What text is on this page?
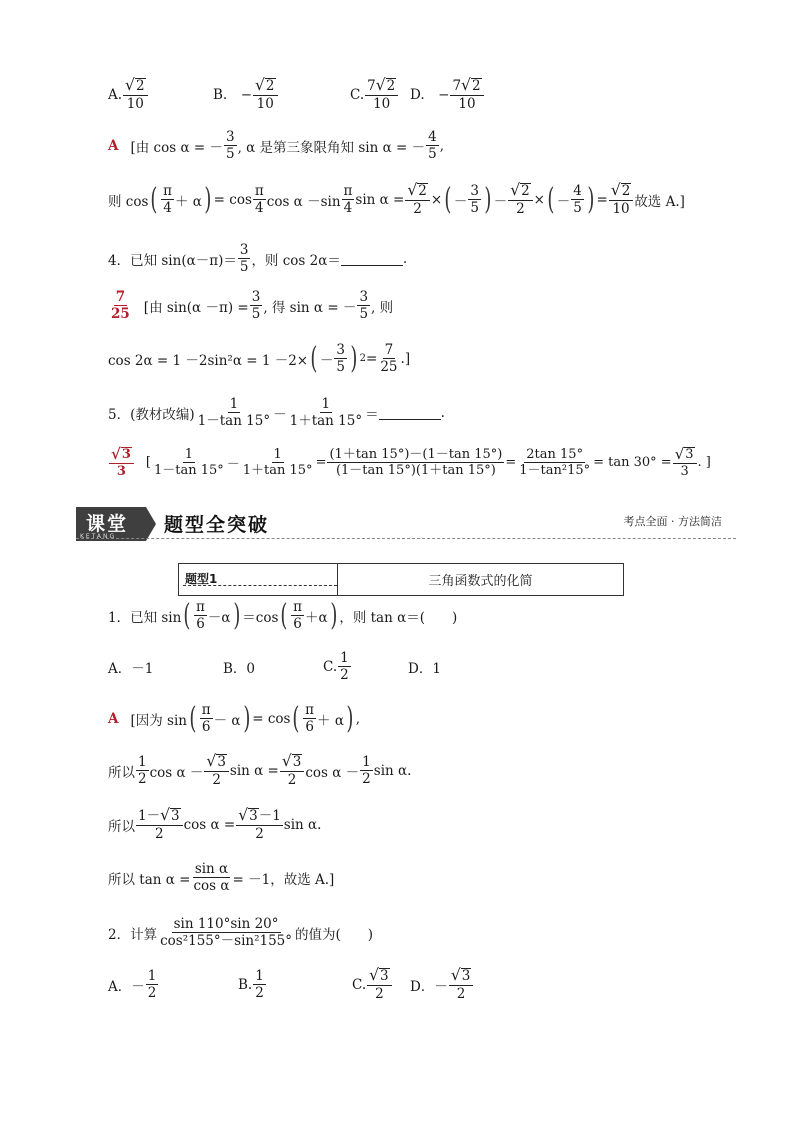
A.
√ 2
10
B. − $\frac{√ 2}{10}$	C.
7 √ 2
10
D. − $\frac{7 √ 2}{10}$
A [由 cos α = －
3
5 , α 是第三象限角知 sin α = －
4
5
,
则 cos ( π
4 ＋ α ) = cos
π
4 cos α －sin
π
4
$\sin \alpha = \frac{√ 2}{2}$ × ( －
3
5 ) － $\frac{√ 2}{2}$ × ( －
4
5 ) = $\frac{√ 2}{10}$ 故选 A.]
4．已知 sin(α－π)＝
3
5 ，则 cos 2α＝	.
7
25 [由 $\sin(\alpha -\pi) = \frac{3}{5}$ , 得 sin α = －
3
5 , 则
cos 2α = 1 －2sin²α = 1 －2× ( －
3
5 ) $2 = \frac{7}{25}$ .]
5．(教材改编)
1
1－tan 15° －
1
1＋tan 15° ＝	.
√ 3
3
[
1
1－tan $15^\circ - \frac{1}{1+\tan 15^\circ} = \frac{(1+\tan 15^\circ)-(1-\tan 15^\circ)}{(1-\tan 15^\circ)(1+\tan 15^\circ)} = \frac{2\tan 15^\circ}{\text{1－tan²15°}} = \tan 30^\circ = \frac{√ 3}{3}$ . ]
课堂
KETANG
题型全突破	考点全面 · 方法简洁
题型1	三角函数式的化简
1．已知 sin ( π
6 －α ) ＝cos ( π
6 ＋α ) ，则 tan α＝(　　)
A．－1	B．0	C.
1
2	D．1
A [因为 sin ( π
6 － α ) = cos ( π
6 ＋ α ) ,
所以
1
2 cos α －
√ 3
2
$\sin \alpha = \frac{√ 3}{2}$ cos α －
1
2
sin α.
所以
1－ √ 3
2
$\cos \alpha = \frac{√ 3 -1}{2}$ sin α.
所以 $\tan \alpha = \frac{\text{sin α}}{\text{cos α}} = -1$，故选 A.]
2．计算
sin 110°sin 20°
cos²155°－sin²155° 的值为(　　)
A．－
1
2
B.
1
2
C.
√ 3
2 D．－
√ 3
2
